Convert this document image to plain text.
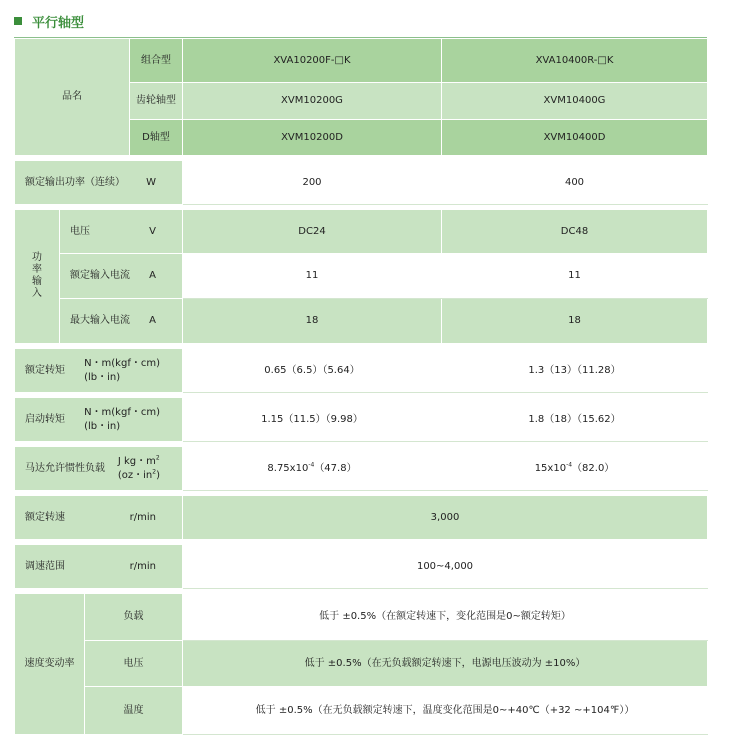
平行轴型
品名			组合型	XVA10200F-□K	XVA10400R-□K
			齿轮轴型	XVM10200G	XVM10400G
			D轴型	XVM10200D	XVM10400D

额定输出功率（连续） W				200	400

功率输入	电压 V			DC24	DC48

	额定输入电流 A			11	11

	最大输入电流 A			18	18

额定转矩
N・m(kgf・cm)
(lb・in)				0.65（6.5）（5.64）	1.3（13）（11.28）

启动转矩
N・m(kgf・cm)
(lb・in)				1.15（11.5）（9.98）	1.8（18）（15.62）

马达允许惯性负载
J kg・$m^2$
(oz・$in^2$)				$8.75x10^{-4}(47.8)$	$15x10^{-4}(82.0)$

额定转速 r/min				3,000	

调速范围 r/min				100~4,000	

速度变动率		负载		低于 ±0.5%（在额定转速下，变化范围是0~额定转矩）	
		电压		低于 ±0.5%（在无负载额定转速下，电源电压波动为 ±10%）	
		温度		低于 ±0.5%（在无负载额定转速下，温度变化范围是0~+40℃（+32 ~+104℉））	
